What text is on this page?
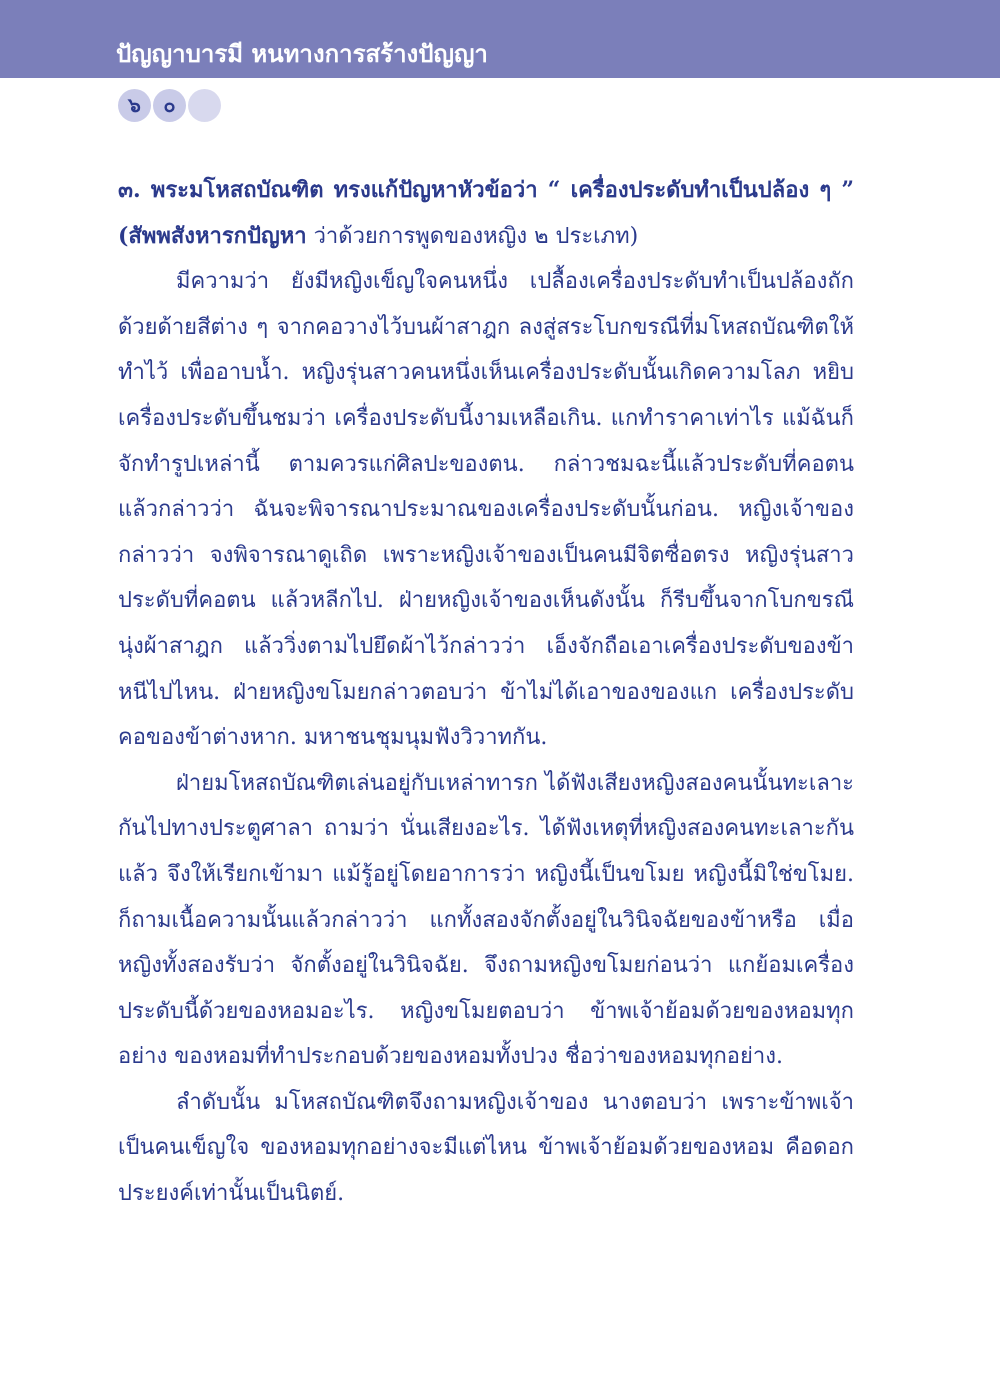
ปัญญาบารมี หนทางการสร้างปัญญา
๖	๐

๓. พระมโหสถบัณฑิต ทรงแก้ปัญหาหัวข้อว่า “ เครื่องประดับทำเป็นปล้อง ๆ ” (สัพพสังหารกปัญหา ว่าด้วยการพูดของหญิง ๒ ประเภท)

มีความว่า ยังมีหญิงเข็ญใจคนหนึ่ง เปลื้องเครื่องประดับทำเป็นปล้องถักด้วยด้ายสีต่าง ๆ จากคอวางไว้บนผ้าสาฎก ลงสู่สระโบกขรณีที่มโหสถบัณฑิตให้ทำไว้ เพื่ออาบน้ำ. หญิงรุ่นสาวคนหนึ่งเห็นเครื่องประดับนั้นเกิดความโลภ หยิบเครื่องประดับขึ้นชมว่า เครื่องประดับนี้งามเหลือเกิน. แกทำราคาเท่าไร แม้ฉันก็จักทำรูปเหล่านี้ ตามควรแก่ศิลปะของตน. กล่าวชมฉะนี้แล้วประดับที่คอตน แล้วกล่าวว่า ฉันจะพิจารณาประมาณของเครื่องประดับนั้นก่อน. หญิงเจ้าของกล่าวว่า จงพิจารณาดูเถิด เพราะหญิงเจ้าของเป็นคนมีจิตซื่อตรง หญิงรุ่นสาวประดับที่คอตน แล้วหลีกไป. ฝ่ายหญิงเจ้าของเห็นดังนั้น ก็รีบขึ้นจากโบกขรณี นุ่งผ้าสาฎก แล้ววิ่งตามไปยึดผ้าไว้กล่าวว่า เอ็งจักถือเอาเครื่องประดับของข้า หนีไปไหน. ฝ่ายหญิงขโมยกล่าวตอบว่า ข้าไม่ได้เอาของของแก เครื่องประดับคอของข้าต่างหาก. มหาชนชุมนุมฟังวิวาทกัน.

ฝ่ายมโหสถบัณฑิตเล่นอยู่กับเหล่าทารก ได้ฟังเสียงหญิงสองคนนั้นทะเลาะกันไปทางประตูศาลา ถามว่า นั่นเสียงอะไร. ได้ฟังเหตุที่หญิงสองคนทะเลาะกันแล้ว จึงให้เรียกเข้ามา แม้รู้อยู่โดยอาการว่า หญิงนี้เป็นขโมย หญิงนี้มิใช่ขโมย. ก็ถามเนื้อความนั้นแล้วกล่าวว่า แกทั้งสองจักตั้งอยู่ในวินิจฉัยของข้าหรือ เมื่อหญิงทั้งสองรับว่า จักตั้งอยู่ในวินิจฉัย. จึงถามหญิงขโมยก่อนว่า แกย้อมเครื่องประดับนี้ด้วยของหอมอะไร. หญิงขโมยตอบว่า ข้าพเจ้าย้อมด้วยของหอมทุกอย่าง ของหอมที่ทำประกอบด้วยของหอมทั้งปวง ชื่อว่าของหอมทุกอย่าง.

ลำดับนั้น มโหสถบัณฑิตจึงถามหญิงเจ้าของ นางตอบว่า เพราะข้าพเจ้าเป็นคนเข็ญใจ ของหอมทุกอย่างจะมีแต่ไหน ข้าพเจ้าย้อมด้วยของหอม คือดอกประยงค์เท่านั้นเป็นนิตย์.
